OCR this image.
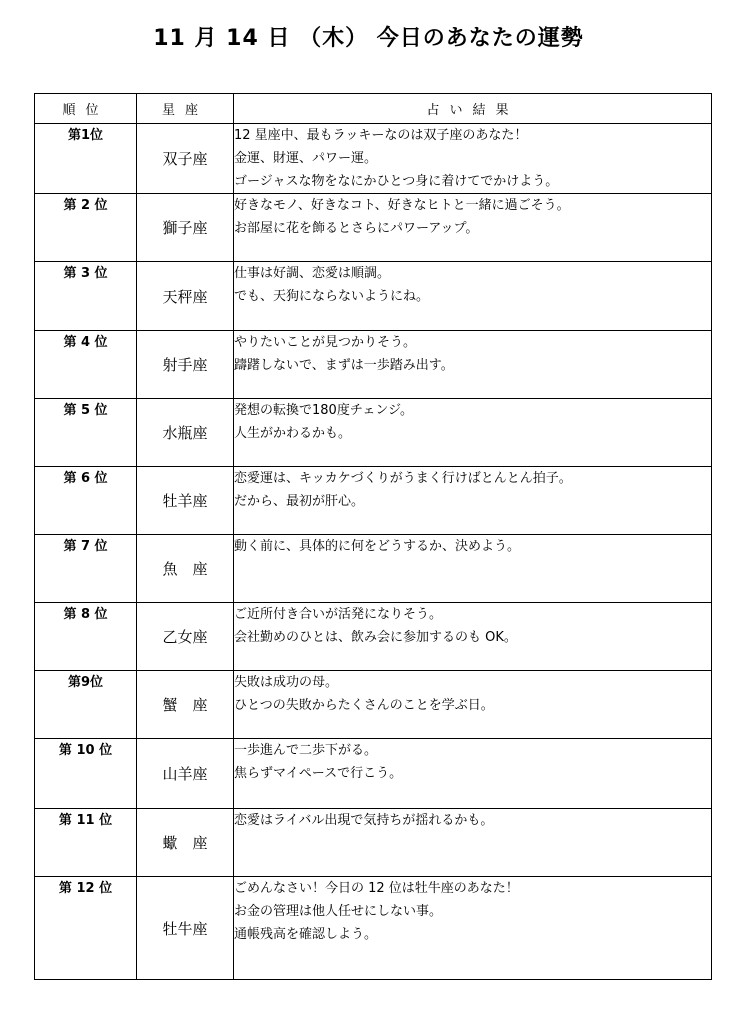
11 月 14 日 （木） 今日のあなたの運勢
順位	星座	占い結果
第1位	双子座	12 星座中、最もラッキーなのは双子座のあなた！
金運、財運、パワー運。
ゴージャスな物をなにかひとつ身に着けてでかけよう。

第 2 位	獅子座	好きなモノ、好きなコト、好きなヒトと一緒に過ごそう。
お部屋に花を飾るとさらにパワーアップ。

第 3 位	天秤座	仕事は好調、恋愛は順調。
でも、天狗にならないようにね。

第 4 位	射手座	やりたいことが見つかりそう。
躊躇しないで、まずは一歩踏み出す。

第 5 位	水瓶座	発想の転換で180度チェンジ。
人生がかわるかも。

第 6 位	牡羊座	恋愛運は、キッカケづくりがうまく行けばとんとん拍子。
だから、最初が肝心。

第 7 位	魚　座	動く前に、具体的に何をどうするか、決めよう。

第 8 位	乙女座	ご近所付き合いが活発になりそう。
会社勤めのひとは、飲み会に参加するのも OK。

第9位	蟹　座	失敗は成功の母。
ひとつの失敗からたくさんのことを学ぶ日。

第 10 位	山羊座	一歩進んで二歩下がる。
焦らずマイペースで行こう。

第 11 位	蠍　座	恋愛はライバル出現で気持ちが揺れるかも。

第 12 位	牡牛座	ごめんなさい！今日の 12 位は牡牛座のあなた！
お金の管理は他人任せにしない事。
通帳残高を確認しよう。
